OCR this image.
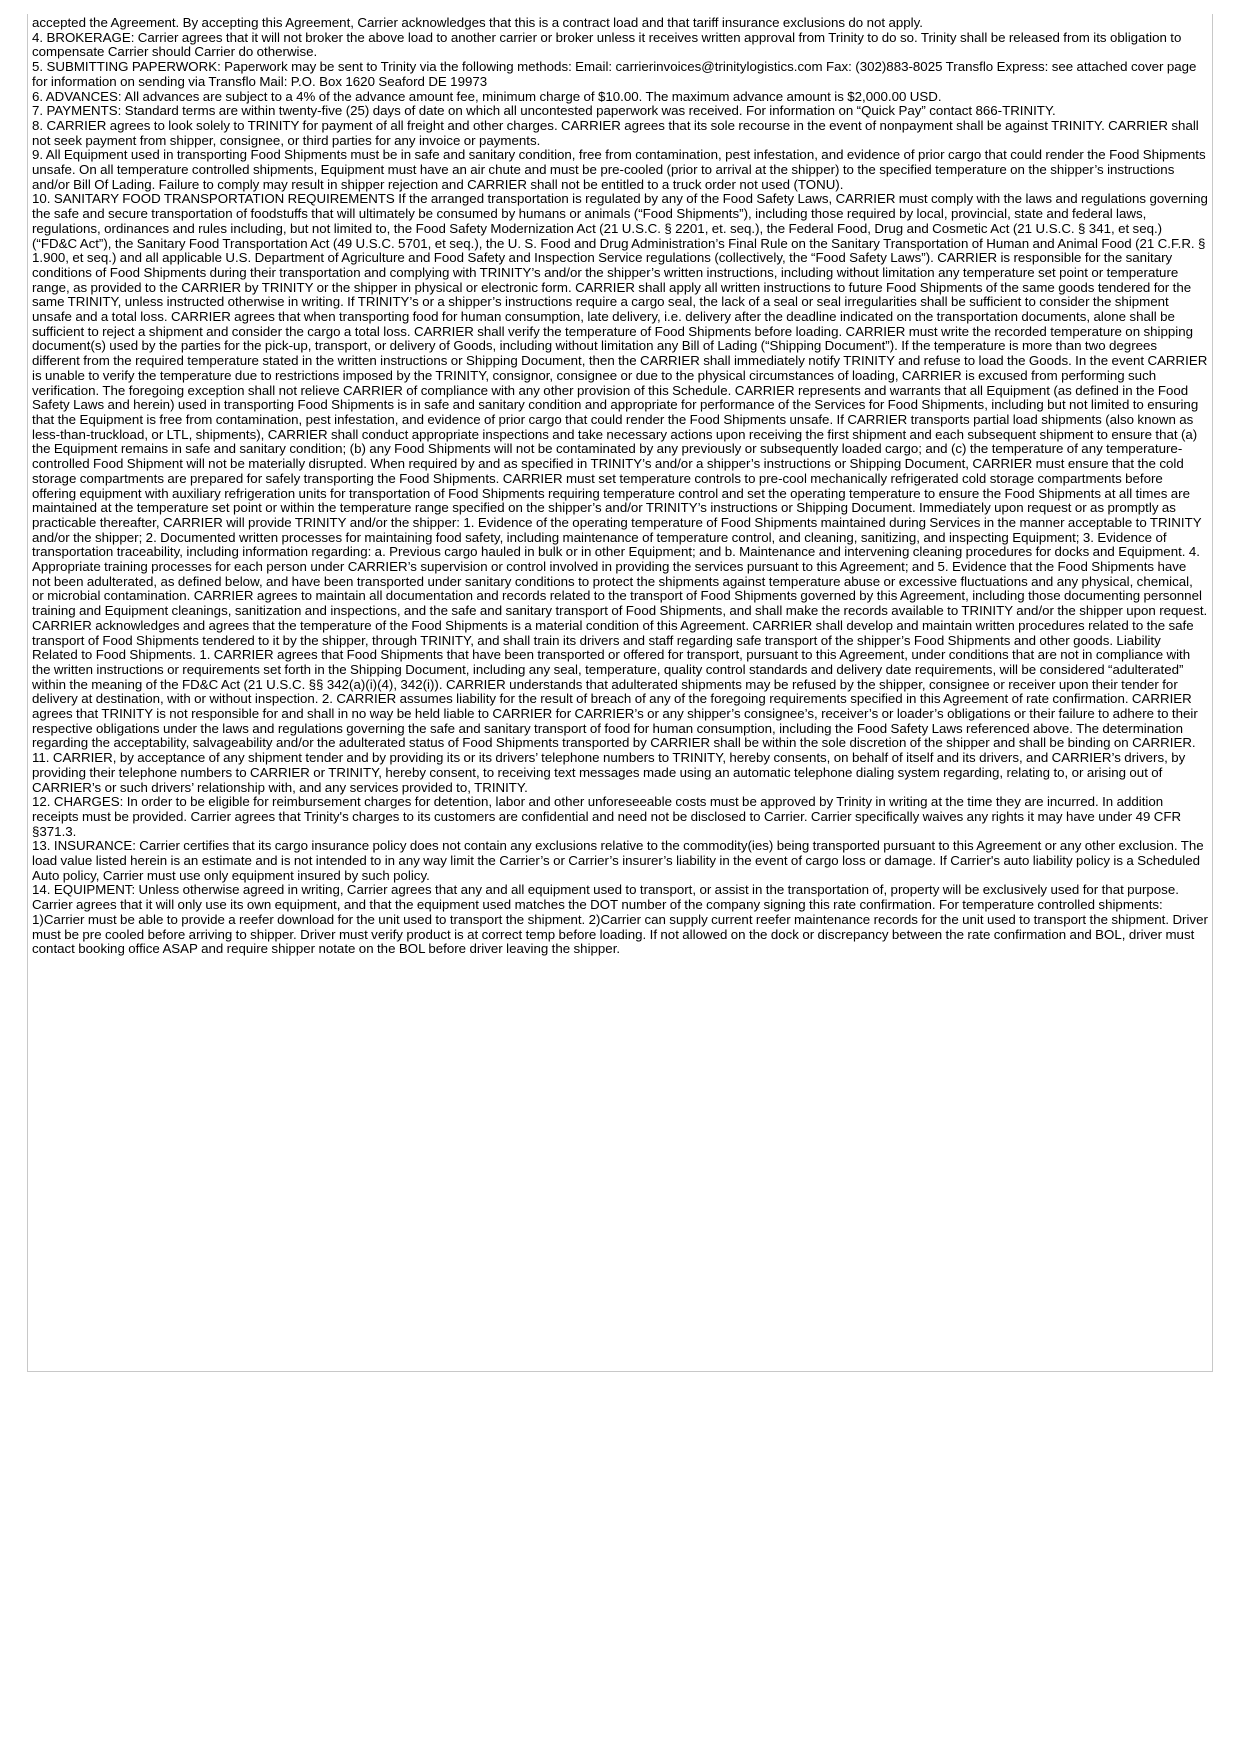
accepted the Agreement. By accepting this Agreement, Carrier acknowledges that this is a contract load and that tariff insurance exclusions do not apply.

4. BROKERAGE: Carrier agrees that it will not broker the above load to another carrier or broker unless it receives written approval from Trinity to do so. Trinity shall be released from its obligation to compensate Carrier should Carrier do otherwise.

5. SUBMITTING PAPERWORK: Paperwork may be sent to Trinity via the following methods: Email: carrierinvoices@trinitylogistics.com Fax: (302)883-8025 Transflo Express: see attached cover page for information on sending via Transflo Mail: P.O. Box 1620 Seaford DE 19973

6. ADVANCES: All advances are subject to a 4% of the advance amount fee, minimum charge of $10.00. The maximum advance amount is $2,000.00 USD.

7. PAYMENTS: Standard terms are within twenty-five (25) days of date on which all uncontested paperwork was received. For information on “Quick Pay” contact 866-TRINITY.

8. CARRIER agrees to look solely to TRINITY for payment of all freight and other charges. CARRIER agrees that its sole recourse in the event of nonpayment shall be against TRINITY. CARRIER shall not seek payment from shipper, consignee, or third parties for any invoice or payments.

9. All Equipment used in transporting Food Shipments must be in safe and sanitary condition, free from contamination, pest infestation, and evidence of prior cargo that could render the Food Shipments unsafe. On all temperature controlled shipments, Equipment must have an air chute and must be pre-cooled (prior to arrival at the shipper) to the specified temperature on the shipper’s instructions and/or Bill Of Lading. Failure to comply may result in shipper rejection and CARRIER shall not be entitled to a truck order not used (TONU).

10. SANITARY FOOD TRANSPORTATION REQUIREMENTS If the arranged transportation is regulated by any of the Food Safety Laws, CARRIER must comply with the laws and regulations governing the safe and secure transportation of foodstuffs that will ultimately be consumed by humans or animals (“Food Shipments”), including those required by local, provincial, state and federal laws, regulations, ordinances and rules including, but not limited to, the Food Safety Modernization Act (21 U.S.C. § 2201, et. seq.), the Federal Food, Drug and Cosmetic Act (21 U.S.C. § 341, et seq.) (“FD&C Act”), the Sanitary Food Transportation Act (49 U.S.C. 5701, et seq.), the U. S. Food and Drug Administration’s Final Rule on the Sanitary Transportation of Human and Animal Food (21 C.F.R. § 1.900, et seq.) and all applicable U.S. Department of Agriculture and Food Safety and Inspection Service regulations (collectively, the “Food Safety Laws”). CARRIER is responsible for the sanitary conditions of Food Shipments during their transportation and complying with TRINITY’s and/or the shipper’s written instructions, including without limitation any temperature set point or temperature range, as provided to the CARRIER by TRINITY or the shipper in physical or electronic form. CARRIER shall apply all written instructions to future Food Shipments of the same goods tendered for the same TRINITY, unless instructed otherwise in writing. If TRINITY’s or a shipper’s instructions require a cargo seal, the lack of a seal or seal irregularities shall be sufficient to consider the shipment unsafe and a total loss. CARRIER agrees that when transporting food for human consumption, late delivery, i.e. delivery after the deadline indicated on the transportation documents, alone shall be sufficient to reject a shipment and consider the cargo a total loss. CARRIER shall verify the temperature of Food Shipments before loading. CARRIER must write the recorded temperature on shipping document(s) used by the parties for the pick-up, transport, or delivery of Goods, including without limitation any Bill of Lading (“Shipping Document”). If the temperature is more than two degrees different from the required temperature stated in the written instructions or Shipping Document, then the CARRIER shall immediately notify TRINITY and refuse to load the Goods. In the event CARRIER is unable to verify the temperature due to restrictions imposed by the TRINITY, consignor, consignee or due to the physical circumstances of loading, CARRIER is excused from performing such verification. The foregoing exception shall not relieve CARRIER of compliance with any other provision of this Schedule. CARRIER represents and warrants that all Equipment (as defined in the Food Safety Laws and herein) used in transporting Food Shipments is in safe and sanitary condition and appropriate for performance of the Services for Food Shipments, including but not limited to ensuring that the Equipment is free from contamination, pest infestation, and evidence of prior cargo that could render the Food Shipments unsafe. If CARRIER transports partial load shipments (also known as less-than-truckload, or LTL, shipments), CARRIER shall conduct appropriate inspections and take necessary actions upon receiving the first shipment and each subsequent shipment to ensure that (a) the Equipment remains in safe and sanitary condition; (b) any Food Shipments will not be contaminated by any previously or subsequently loaded cargo; and (c) the temperature of any temperature-controlled Food Shipment will not be materially disrupted. When required by and as specified in TRINITY’s and/or a shipper’s instructions or Shipping Document, CARRIER must ensure that the cold storage compartments are prepared for safely transporting the Food Shipments. CARRIER must set temperature controls to pre-cool mechanically refrigerated cold storage compartments before offering equipment with auxiliary refrigeration units for transportation of Food Shipments requiring temperature control and set the operating temperature to ensure the Food Shipments at all times are maintained at the temperature set point or within the temperature range specified on the shipper’s and/or TRINITY’s instructions or Shipping Document. Immediately upon request or as promptly as practicable thereafter, CARRIER will provide TRINITY and/or the shipper: 1. Evidence of the operating temperature of Food Shipments maintained during Services in the manner acceptable to TRINITY and/or the shipper; 2. Documented written processes for maintaining food safety, including maintenance of temperature control, and cleaning, sanitizing, and inspecting Equipment; 3. Evidence of transportation traceability, including information regarding: a. Previous cargo hauled in bulk or in other Equipment; and b. Maintenance and intervening cleaning procedures for docks and Equipment. 4. Appropriate training processes for each person under CARRIER’s supervision or control involved in providing the services pursuant to this Agreement; and 5. Evidence that the Food Shipments have not been adulterated, as defined below, and have been transported under sanitary conditions to protect the shipments against temperature abuse or excessive fluctuations and any physical, chemical, or microbial contamination. CARRIER agrees to maintain all documentation and records related to the transport of Food Shipments governed by this Agreement, including those documenting personnel training and Equipment cleanings, sanitization and inspections, and the safe and sanitary transport of Food Shipments, and shall make the records available to TRINITY and/or the shipper upon request. CARRIER acknowledges and agrees that the temperature of the Food Shipments is a material condition of this Agreement. CARRIER shall develop and maintain written procedures related to the safe transport of Food Shipments tendered to it by the shipper, through TRINITY, and shall train its drivers and staff regarding safe transport of the shipper’s Food Shipments and other goods. Liability Related to Food Shipments. 1. CARRIER agrees that Food Shipments that have been transported or offered for transport, pursuant to this Agreement, under conditions that are not in compliance with the written instructions or requirements set forth in the Shipping Document, including any seal, temperature, quality control standards and delivery date requirements, will be considered “adulterated” within the meaning of the FD&C Act (21 U.S.C. §§ 342(a)(i)(4), 342(i)). CARRIER understands that adulterated shipments may be refused by the shipper, consignee or receiver upon their tender for delivery at destination, with or without inspection. 2. CARRIER assumes liability for the result of breach of any of the foregoing requirements specified in this Agreement of rate confirmation. CARRIER agrees that TRINITY is not responsible for and shall in no way be held liable to CARRIER for CARRIER’s or any shipper’s consignee’s, receiver’s or loader’s obligations or their failure to adhere to their respective obligations under the laws and regulations governing the safe and sanitary transport of food for human consumption, including the Food Safety Laws referenced above. The determination regarding the acceptability, salvageability and/or the adulterated status of Food Shipments transported by CARRIER shall be within the sole discretion of the shipper and shall be binding on CARRIER.

11. CARRIER, by acceptance of any shipment tender and by providing its or its drivers’ telephone numbers to TRINITY, hereby consents, on behalf of itself and its drivers, and CARRIER’s drivers, by providing their telephone numbers to CARRIER or TRINITY, hereby consent, to receiving text messages made using an automatic telephone dialing system regarding, relating to, or arising out of CARRIER’s or such drivers’ relationship with, and any services provided to, TRINITY.

12. CHARGES: In order to be eligible for reimbursement charges for detention, labor and other unforeseeable costs must be approved by Trinity in writing at the time they are incurred. In addition receipts must be provided. Carrier agrees that Trinity's charges to its customers are confidential and need not be disclosed to Carrier. Carrier specifically waives any rights it may have under 49 CFR §371.3.

13. INSURANCE: Carrier certifies that its cargo insurance policy does not contain any exclusions relative to the commodity(ies) being transported pursuant to this Agreement or any other exclusion. The load value listed herein is an estimate and is not intended to in any way limit the Carrier’s or Carrier’s insurer’s liability in the event of cargo loss or damage. If Carrier's auto liability policy is a Scheduled Auto policy, Carrier must use only equipment insured by such policy.

14. EQUIPMENT: Unless otherwise agreed in writing, Carrier agrees that any and all equipment used to transport, or assist in the transportation of, property will be exclusively used for that purpose. Carrier agrees that it will only use its own equipment, and that the equipment used matches the DOT number of the company signing this rate confirmation. For temperature controlled shipments: 1)Carrier must be able to provide a reefer download for the unit used to transport the shipment. 2)Carrier can supply current reefer maintenance records for the unit used to transport the shipment. Driver must be pre cooled before arriving to shipper. Driver must verify product is at correct temp before loading. If not allowed on the dock or discrepancy between the rate confirmation and BOL, driver must contact booking office ASAP and require shipper notate on the BOL before driver leaving the shipper.
